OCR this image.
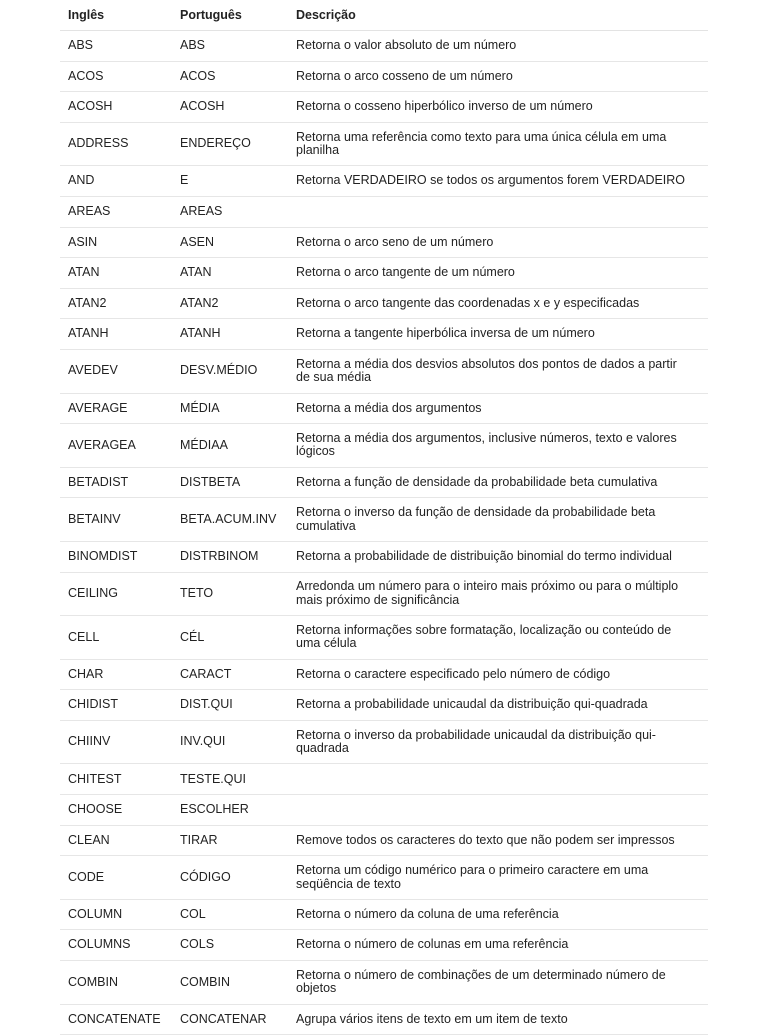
Inglês	Português	Descrição
ABS	ABS	Retorna o valor absoluto de um número
ACOS	ACOS	Retorna o arco cosseno de um número
ACOSH	ACOSH	Retorna o cosseno hiperbólico inverso de um número
ADDRESS	ENDEREÇO	Retorna uma referência como texto para uma única célula em uma planilha
AND	E	Retorna VERDADEIRO se todos os argumentos forem VERDADEIRO
AREAS	AREAS	
ASIN	ASEN	Retorna o arco seno de um número
ATAN	ATAN	Retorna o arco tangente de um número
ATAN2	ATAN2	Retorna o arco tangente das coordenadas x e y especificadas
ATANH	ATANH	Retorna a tangente hiperbólica inversa de um número
AVEDEV	DESV.MÉDIO	Retorna a média dos desvios absolutos dos pontos de dados a partir de sua média
AVERAGE	MÉDIA	Retorna a média dos argumentos
AVERAGEA	MÉDIAA	Retorna a média dos argumentos, inclusive números, texto e valores lógicos
BETADIST	DISTBETA	Retorna a função de densidade da probabilidade beta cumulativa
BETAINV	BETA.ACUM.INV	Retorna o inverso da função de densidade da probabilidade beta cumulativa
BINOMDIST	DISTRBINOM	Retorna a probabilidade de distribuição binomial do termo individual
CEILING	TETO	Arredonda um número para o inteiro mais próximo ou para o múltiplo mais próximo de significância
CELL	CÉL	Retorna informações sobre formatação, localização ou conteúdo de uma célula
CHAR	CARACT	Retorna o caractere especificado pelo número de código
CHIDIST	DIST.QUI	Retorna a probabilidade unicaudal da distribuição qui-quadrada
CHIINV	INV.QUI	Retorna o inverso da probabilidade unicaudal da distribuição qui-quadrada
CHITEST	TESTE.QUI	
CHOOSE	ESCOLHER	
CLEAN	TIRAR	Remove todos os caracteres do texto que não podem ser impressos
CODE	CÓDIGO	Retorna um código numérico para o primeiro caractere em uma seqüência de texto
COLUMN	COL	Retorna o número da coluna de uma referência
COLUMNS	COLS	Retorna o número de colunas em uma referência
COMBIN	COMBIN	Retorna o número de combinações de um determinado número de objetos
CONCATENATE	CONCATENAR	Agrupa vários itens de texto em um item de texto
